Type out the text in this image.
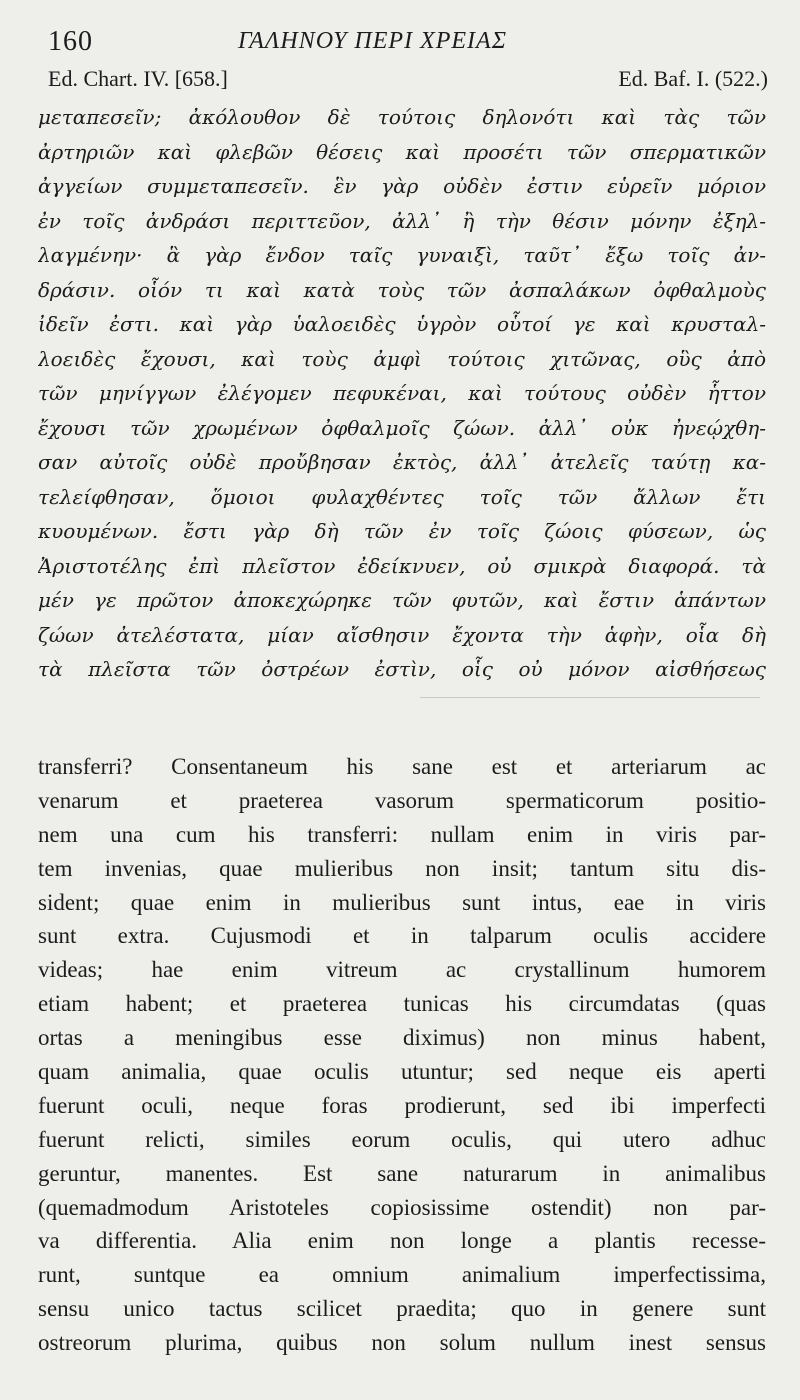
160	ΓΑΛΗΝΟΥ ΠΕΡΙ ΧΡΕΙΑΣ
Ed. Chart. IV. [658.]	Ed. Baf. I. (522.)
μεταπεσεῖν; ἀκόλουθον δὲ τούτοις δηλονότι καὶ τὰς τῶν
ἀρτηριῶν καὶ φλεβῶν θέσεις καὶ προσέτι τῶν σπερματικῶν
ἀγγείων συμμεταπεσεῖν. ἓν γὰρ οὐδὲν ἐστιν εὑρεῖν μόριον
ἐν τοῖς ἀνδράσι περιττεῦον, ἀλλ᾽ ἢ τὴν θέσιν μόνην ἐξηλ-
λαγμένην· ἃ γὰρ ἔνδον ταῖς γυναιξὶ, ταῦτ᾽ ἔξω τοῖς ἀν-
δράσιν. οἷόν τι καὶ κατὰ τοὺς τῶν ἀσπαλάκων ὀφθαλμοὺς
ἰδεῖν ἐστι. καὶ γὰρ ὑαλοειδὲς ὑγρὸν οὗτοί γε καὶ κρυσταλ-
λοειδὲς ἔχουσι, καὶ τοὺς ἀμφὶ τούτοις χιτῶνας, οὓς ἀπὸ
τῶν μηνίγγων ἐλέγομεν πεφυκέναι, καὶ τούτους οὐδὲν ἧττον
ἔχουσι τῶν χρωμένων ὀφθαλμοῖς ζώων. ἀλλ᾽ οὐκ ἠνεῴχθη-
σαν αὐτοῖς οὐδὲ προὔβησαν ἐκτὸς, ἀλλ᾽ ἀτελεῖς ταύτῃ κα-
τελείφθησαν, ὅμοιοι φυλαχθέντες τοῖς τῶν ἄλλων ἔτι
κυουμένων. ἔστι γὰρ δὴ τῶν ἐν τοῖς ζώοις φύσεων, ὡς
Ἀριστοτέλης ἐπὶ πλεῖστον ἐδείκνυεν, οὐ σμικρὰ διαφορά. τὰ
μέν γε πρῶτον ἀποκεχώρηκε τῶν φυτῶν, καὶ ἔστιν ἁπάντων
ζώων ἀτελέστατα, μίαν αἴσθησιν ἔχοντα τὴν ἁφὴν, οἷα δὴ
τὰ πλεῖστα τῶν ὀστρέων ἐστὶν, οἷς οὐ μόνον αἰσθήσεως
transferri? Consentaneum his sane est et arteriarum ac
venarum et praeterea vasorum spermaticorum positio-
nem una cum his transferri: nullam enim in viris par-
tem invenias, quae mulieribus non insit; tantum situ dis-
sident; quae enim in mulieribus sunt intus, eae in viris
sunt extra. Cujusmodi et in talparum oculis accidere
videas; hae enim vitreum ac crystallinum humorem
etiam habent; et praeterea tunicas his circumdatas (quas
ortas a meningibus esse diximus) non minus habent,
quam animalia, quae oculis utuntur; sed neque eis aperti
fuerunt oculi, neque foras prodierunt, sed ibi imperfecti
fuerunt relicti, similes eorum oculis, qui utero adhuc
geruntur, manentes. Est sane naturarum in animalibus
(quemadmodum Aristoteles copiosissime ostendit) non par-
va differentia. Alia enim non longe a plantis recesse-
runt, suntque ea omnium animalium imperfectissima,
sensu unico tactus scilicet praedita; quo in genere sunt
ostreorum plurima, quibus non solum nullum inest sensus
